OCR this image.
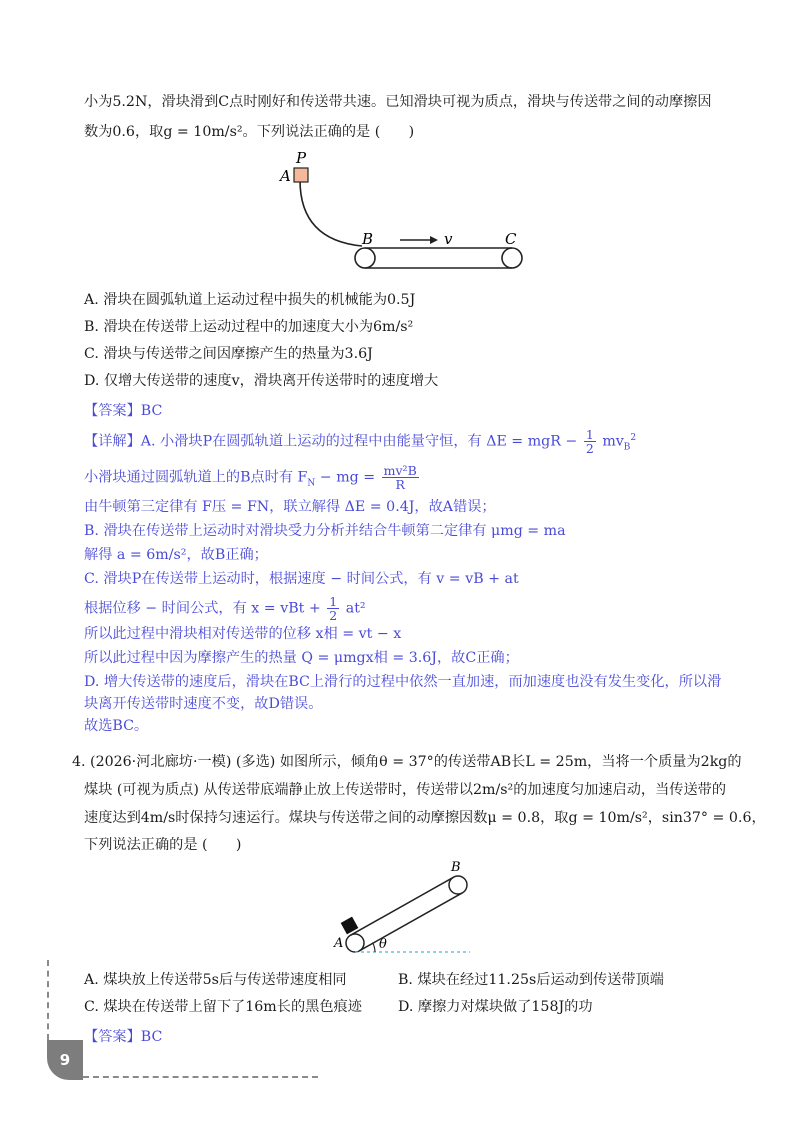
小为5.2N，滑块滑到C点时刚好和传送带共速。已知滑块可视为质点，滑块与传送带之间的动摩擦因
数为0.6，取g = 10m/s²。下列说法正确的是 (　　)
P
A
B	C
v
A. 滑块在圆弧轨道上运动过程中损失的机械能为0.5J
B. 滑块在传送带上运动过程中的加速度大小为6m/s²
C. 滑块与传送带之间因摩擦产生的热量为3.6J
D. 仅增大传送带的速度v，滑块离开传送带时的速度增大
【答案】BC
【详解】A. 小滑块P在圆弧轨道上运动的过程中由能量守恒，有 ΔE = mgR − $\frac{1}{2} mv_B^2$
小滑块通过圆弧轨道上的B点时有 $F_N$ − mg = $\frac{\text{mv²B}}{R}$
由牛顿第三定律有 F压 = FN，联立解得 ΔE = 0.4J，故A错误；
B. 滑块在传送带上运动时对滑块受力分析并结合牛顿第二定律有 μmg = ma
解得 a = 6m/s²，故B正确；
C. 滑块P在传送带上运动时，根据速度 − 时间公式，有 v = vB + at
根据位移 − 时间公式，有 x = vBt + $\frac{1}{2} at^2$
所以此过程中滑块相对传送带的位移 x相 = vt − x
所以此过程中因为摩擦产生的热量 Q = μmgx相 = 3.6J，故C正确；
D. 增大传送带的速度后，滑块在BC上滑行的过程中依然一直加速，而加速度也没有发生变化，所以滑
块离开传送带时速度不变，故D错误。
故选BC。
4. (2026·河北廊坊·一模) (多选) 如图所示，倾角θ = 37°的传送带AB长L = 25m，当将一个质量为2kg的
煤块 (可视为质点) 从传送带底端静止放上传送带时，传送带以2m/s²的加速度匀加速启动，当传送带的
速度达到4m/s时保持匀速运行。煤块与传送带之间的动摩擦因数μ = 0.8，取g = 10m/s²，sin37° = 0.6，
下列说法正确的是 (　　)
θ
A
B
A. 煤块放上传送带5s后与传送带速度相同	B. 煤块在经过11.25s后运动到传送带顶端
C. 煤块在传送带上留下了16m长的黑色痕迹	D. 摩擦力对煤块做了158J的功
【答案】BC
9
